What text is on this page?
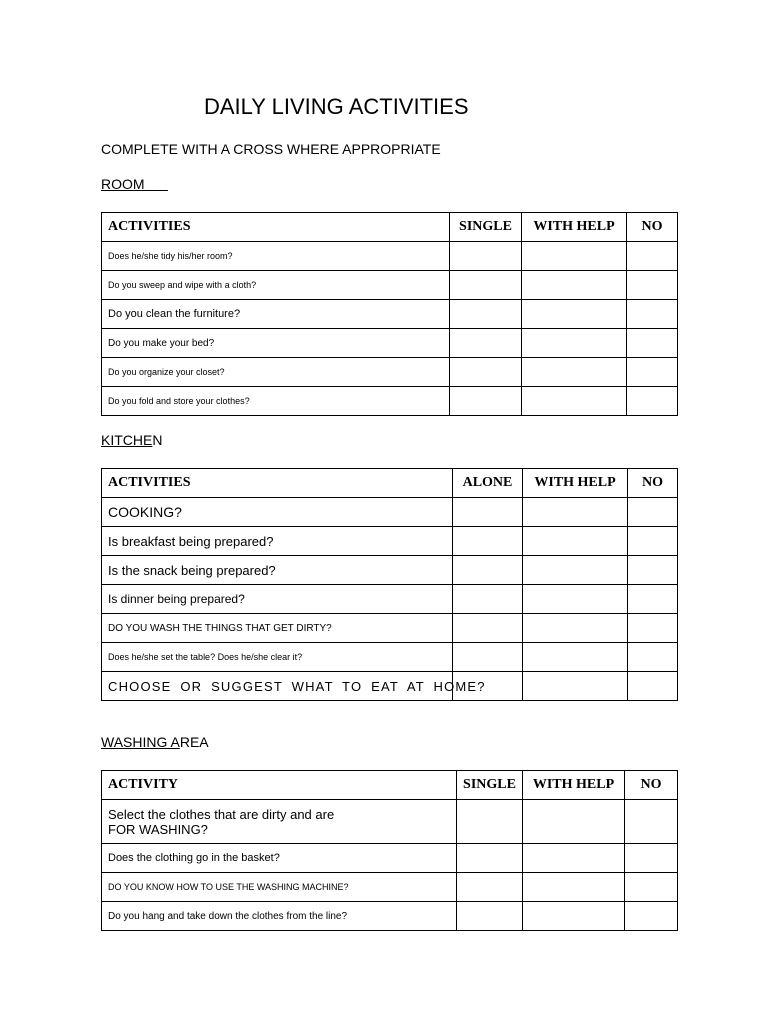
DAILY LIVING ACTIVITIES
COMPLETE WITH A CROSS WHERE APPROPRIATE
ROOM
ACTIVITIES	SINGLE	WITH HELP	NO
Does he/she tidy his/her room?			
Do you sweep and wipe with a cloth?			
Do you clean the furniture?			
Do you make your bed?			
Do you organize your closet?			
Do you fold and store your clothes?			
KITCHEN
ACTIVITIES	ALONE	WITH HELP	NO
COOKING?			
Is breakfast being prepared?			
Is the snack being prepared?			
Is dinner being prepared?			
DO YOU WASH THE THINGS THAT GET DIRTY?			
Does he/she set the table? Does he/she clear it?			
CHOOSE OR SUGGEST WHAT TO EAT AT HOME?			
WASHING AREA
ACTIVITY	SINGLE	WITH HELP	NO

Select the clothes that are dirty and are
FOR WASHING?			

Does the clothing go in the basket?			
DO YOU KNOW HOW TO USE THE WASHING MACHINE?			
Do you hang and take down the clothes from the line?			
